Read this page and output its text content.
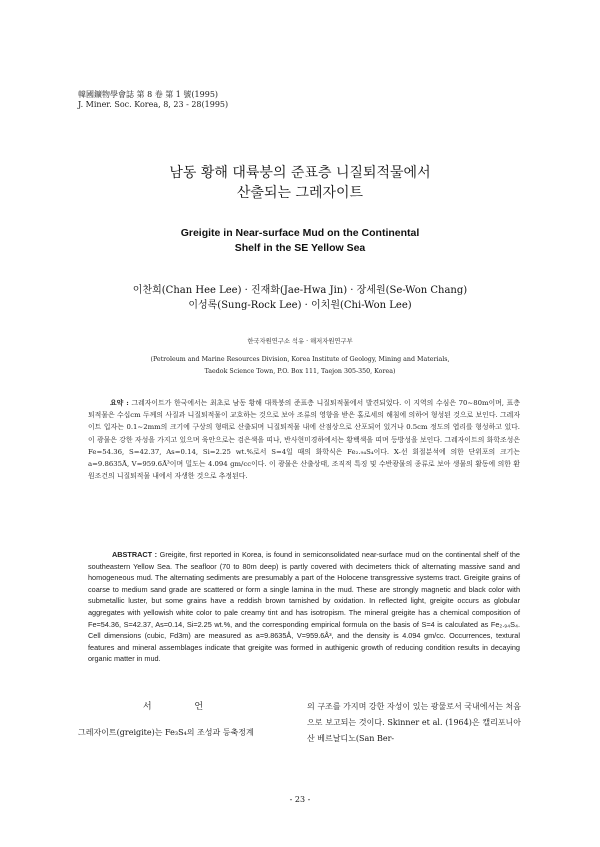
韓國鑛物學會誌 第 8 卷 第 1 號(1995)
J. Miner. Soc. Korea, 8, 23 - 28(1995)
남동 황해 대륙붕의 준표층 니질퇴적물에서
산출되는 그레자이트
Greigite in Near-surface Mud on the Continental
Shelf in the SE Yellow Sea
이찬희(Chan Hee Lee) · 진재화(Jae-Hwa Jin) · 장세원(Se-Won Chang)
이성록(Sung-Rock Lee) · 이치원(Chi-Won Lee)
한국자원연구소 석유 · 해저자원연구부
(Petroleum and Marine Resources Division, Korea Institute of Geology, Mining and Materials,
Taedok Science Town, P.O. Box 111, Taejon 305-350, Korea)

요약 : 그레자이트가 한국에서는 최초로 남동 황해 대륙붕의 준표층 니질퇴적물에서 발견되었다. 이 지역의 수심은 70~80m이며, 표층 퇴적물은 수십cm 두께의 사질과 니질퇴적물이 교호하는 것으로 보아 조류의 영향을 받은 홀로세의 해침에 의하여 형성된 것으로 보인다. 그레자이트 입자는 0.1~2mm의 크기에 구상의 형태로 산출되며 니질퇴적물 내에 산점상으로 산포되어 있거나 0.5cm 정도의 엽리를 형성하고 있다. 이 광물은 강한 자성을 가지고 있으며 육안으로는 검은색을 띠나, 반사현미경하에서는 황백색을 띠며 등방성을 보인다. 그레자이트의 화학조성은 Fe=54.36, S=42.37, As=0.14, Si=2.25 wt.%로서 S=4일 때의 화학식은 Fe₂.₉₄S₄이다. X-선 회절분석에 의한 단위포의 크기는 a=9.8635Å, V=959.6Å³이며 밀도는 4.094 gm/cc이다. 이 광물은 산출상태, 조직적 특징 및 수반광물의 종류로 보아 생물의 활동에 의한 환원조건의 니질퇴적물 내에서 자생한 것으로 추정된다.

ABSTRACT : Greigite, first reported in Korea, is found in semiconsolidated near-surface mud on the continental shelf of the southeastern Yellow Sea. The seafloor (70 to 80m deep) is partly covered with decimeters thick of alternating massive sand and homogeneous mud. The alternating sediments are presumably a part of the Holocene transgressive systems tract. Greigite grains of coarse to medium sand grade are scattered or form a single lamina in the mud. These are strongly magnetic and black color with submetallic luster, but some grains have a reddish brown tarnished by oxidation. In reflected light, greigite occurs as globular aggregates with yellowish white color to pale creamy tint and has isotropism. The mineral greigite has a chemical composition of Fe=54.36, S=42.37, As=0.14, Si=2.25 wt.%, and the corresponding empirical formula on the basis of S=4 is calculated as Fe₂.₉₄S₄. Cell dimensions (cubic, Fd3m) are measured as a=9.8635Å, V=959.6Å³, and the density is 4.094 gm/cc. Occurrences, textural features and mineral assemblages indicate that greigite was formed in authigenic growth of reducing condition results in decaying organic matter in mud.

서 언

그레자이트(greigite)는 Fe₃S₄의 조성과 등축정계

의 구조를 가지며 강한 자성이 있는 광물로서 국내에서는 처음으로 보고되는 것이다. Skinner et al. (1964)은 캘리포니아 산 베르날디노(San Ber-

- 23 -
